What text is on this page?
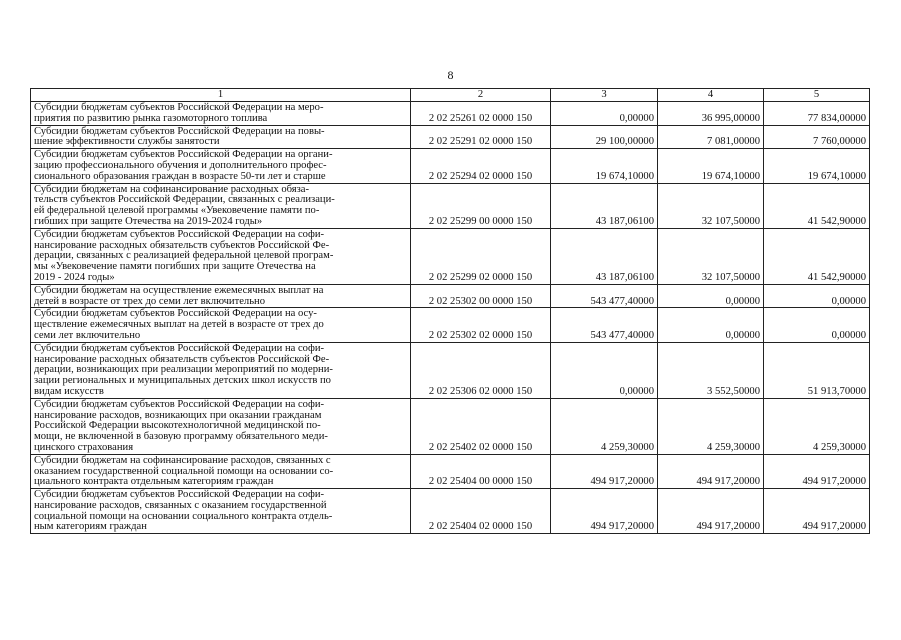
8
1	2	3	4	5

Субсидии бюджетам субъектов Российской Федерации на меро-
приятия по развитию рынка газомоторного топлива	2 02 25261 02 0000 150	0,00000	36 995,00000	77 834,00000

Субсидии бюджетам субъектов Российской Федерации на повы-
шение эффективности службы занятости	2 02 25291 02 0000 150	29 100,00000	7 081,00000	7 760,00000

Субсидии бюджетам субъектов Российской Федерации на органи-
зацию профессионального обучения и дополнительного профес-
сионального образования граждан в возрасте 50-ти лет и старше	2 02 25294 02 0000 150	19 674,10000	19 674,10000	19 674,10000

Субсидии бюджетам на софинансирование расходных обяза-
тельств субъектов Российской Федерации, связанных с реализаци-
ей федеральной целевой программы «Увековечение памяти по-
гибших при защите Отечества на 2019-2024 годы»	2 02 25299 00 0000 150	43 187,06100	32 107,50000	41 542,90000

Субсидии бюджетам субъектов Российской Федерации на софи-
нансирование расходных обязательств субъектов Российской Фе-
дерации, связанных с реализацией федеральной целевой програм-
мы «Увековечение памяти погибших при защите Отечества на
2019 - 2024 годы»	2 02 25299 02 0000 150	43 187,06100	32 107,50000	41 542,90000

Субсидии бюджетам на осуществление ежемесячных выплат на
детей в возрасте от трех до семи лет включительно	2 02 25302 00 0000 150	543 477,40000	0,00000	0,00000

Субсидии бюджетам субъектов Российской Федерации на осу-
ществление ежемесячных выплат на детей в возрасте от трех до
семи лет включительно	2 02 25302 02 0000 150	543 477,40000	0,00000	0,00000

Субсидии бюджетам субъектов Российской Федерации на софи-
нансирование расходных обязательств субъектов Российской Фе-
дерации, возникающих при реализации мероприятий по модерни-
зации региональных и муниципальных детских школ искусств по
видам искусств	2 02 25306 02 0000 150	0,00000	3 552,50000	51 913,70000

Субсидии бюджетам субъектов Российской Федерации на софи-
нансирование расходов, возникающих при оказании гражданам
Российской Федерации высокотехнологичной медицинской по-
мощи, не включенной в базовую программу обязательного меди-
цинского страхования	2 02 25402 02 0000 150	4 259,30000	4 259,30000	4 259,30000

Субсидии бюджетам на софинансирование расходов, связанных с
оказанием государственной социальной помощи на основании со-
циального контракта отдельным категориям граждан	2 02 25404 00 0000 150	494 917,20000	494 917,20000	494 917,20000

Субсидии бюджетам субъектов Российской Федерации на софи-
нансирование расходов, связанных с оказанием государственной
социальной помощи на основании социального контракта отдель-
ным категориям граждан	2 02 25404 02 0000 150	494 917,20000	494 917,20000	494 917,20000
